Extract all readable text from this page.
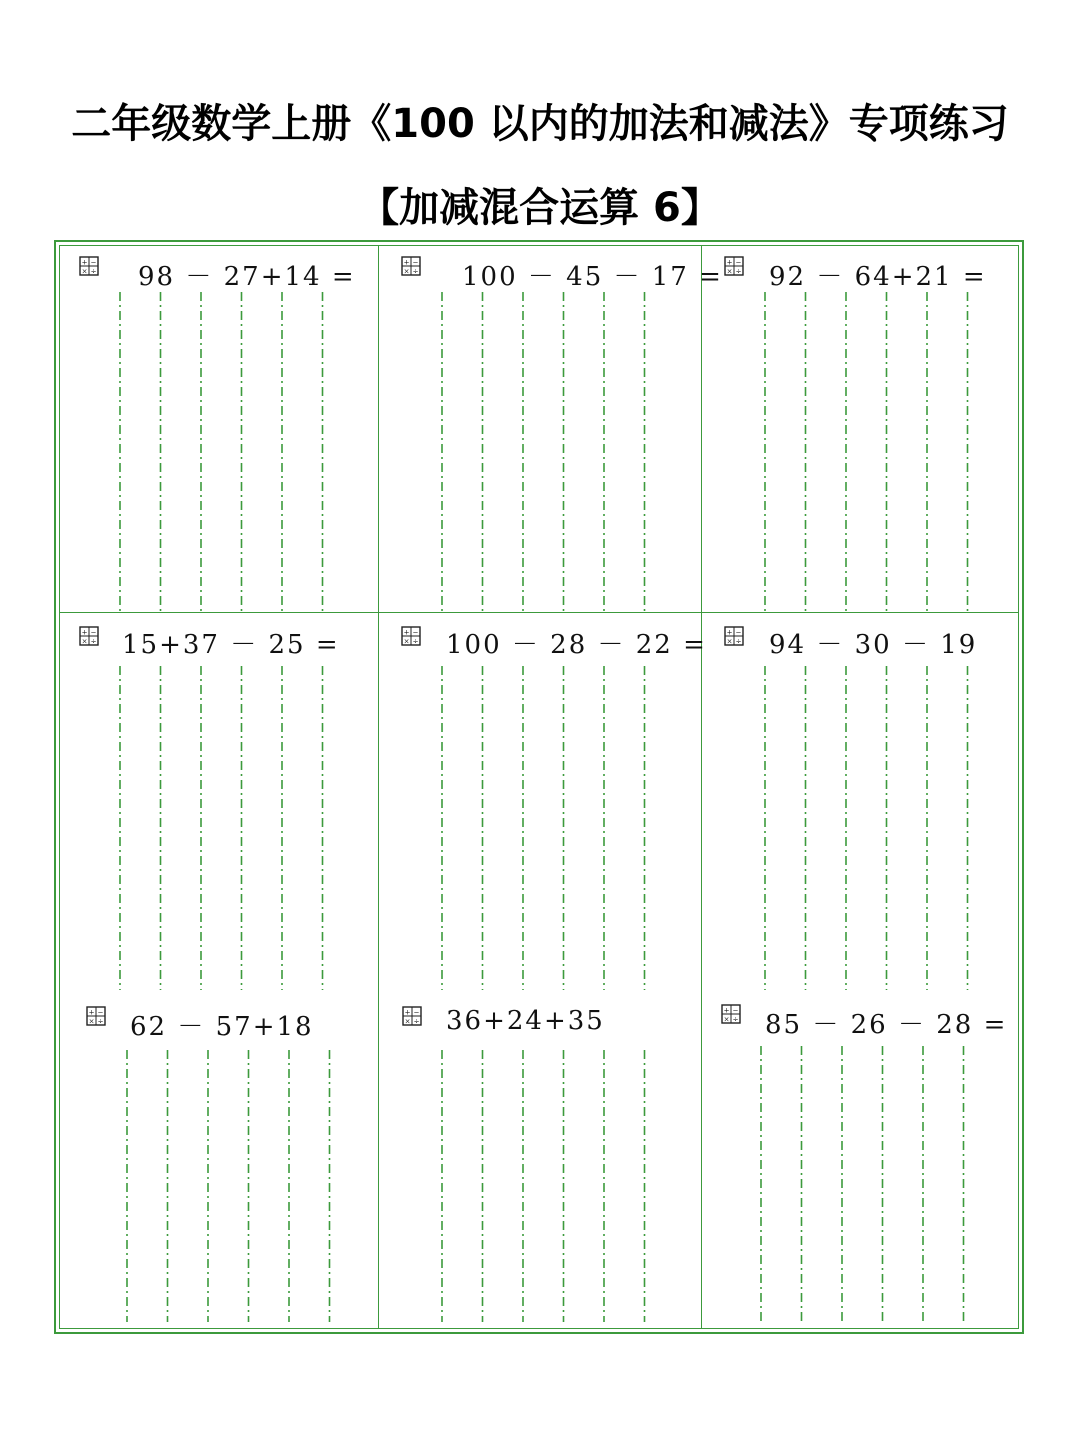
二年级数学上册《100 以内的加法和减法》专项练习
【加减混合运算 6】
+ −
× ÷ 98 － 27+14 =	+ −
× ÷ 100 － 45 － 17 = + −
× ÷ 92 － 64+21 =
+ −
× ÷ 15+37 － 25 =	+ −
× ÷ 100 － 28 － 22 =	+ −
× ÷ 94 － 30 － 19
+ −
× ÷ 62 － 57+18	+ −
× ÷ 36+24+35	+ −
× ÷ 85 － 26 － 28 =
